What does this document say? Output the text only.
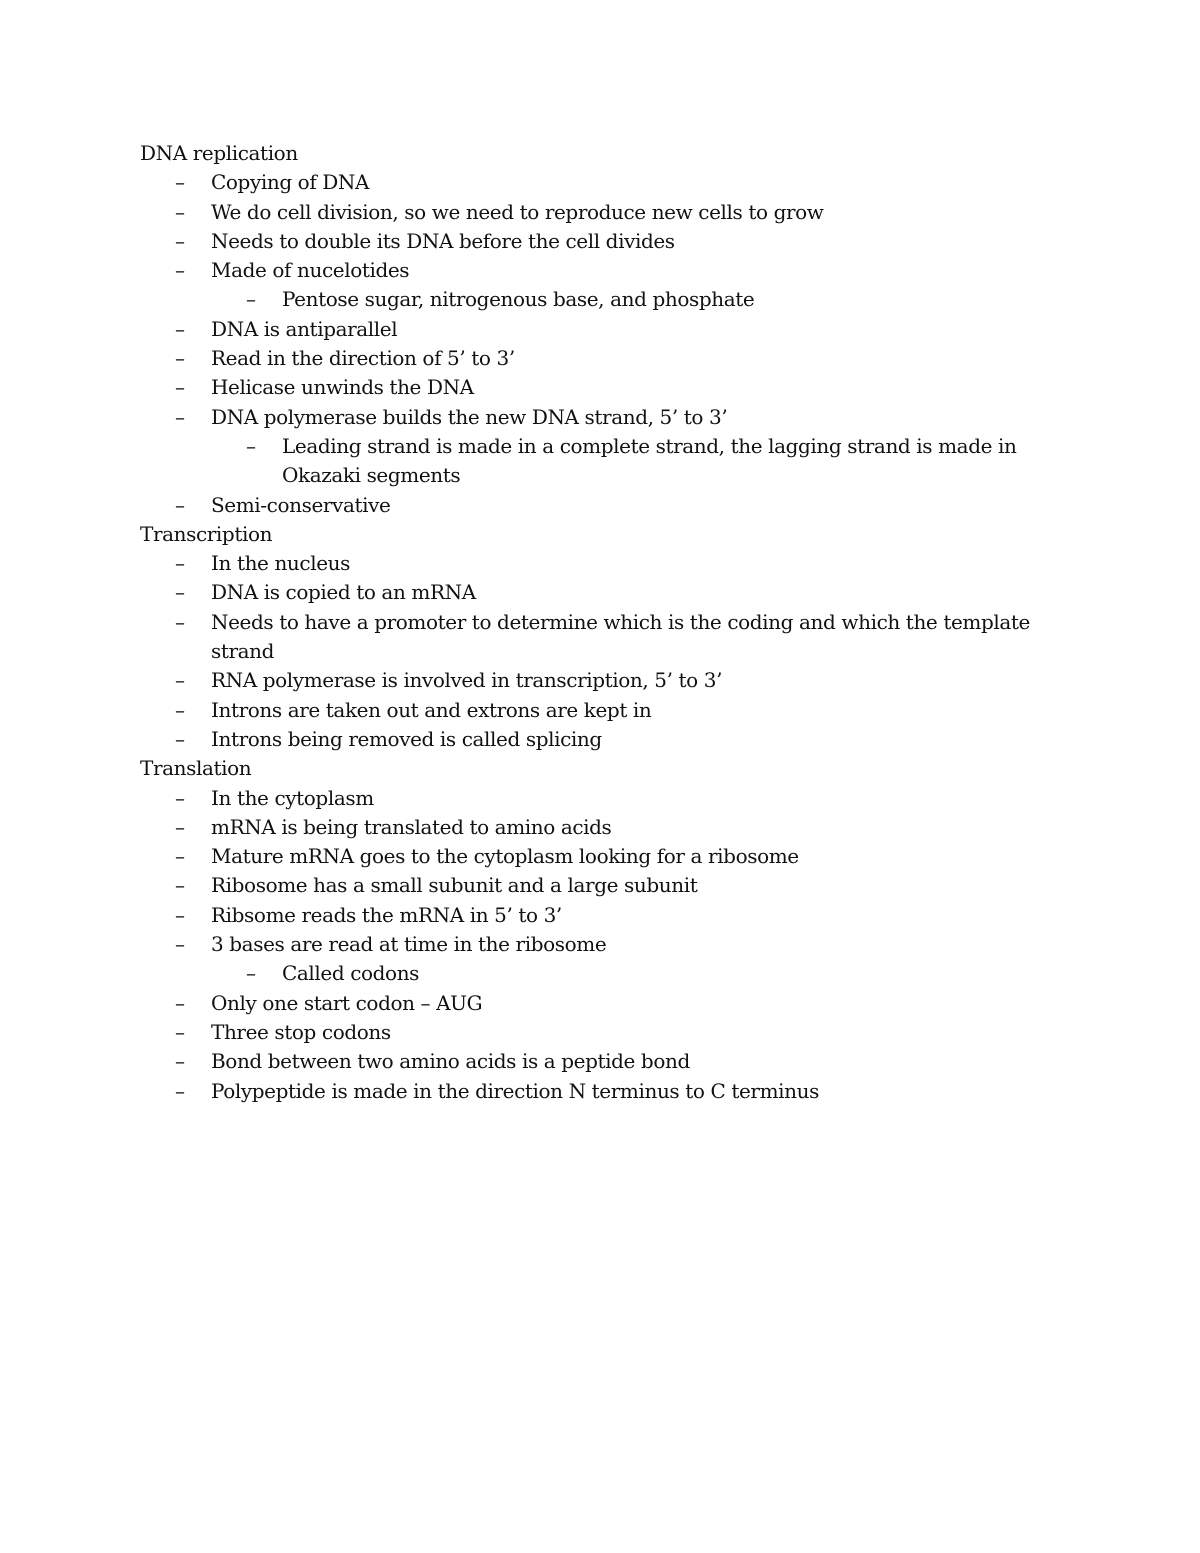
DNA replication
– Copying of DNA
– We do cell division, so we need to reproduce new cells to grow
– Needs to double its DNA before the cell divides
– Made of nucelotides
– Pentose sugar, nitrogenous base, and phosphate
– DNA is antiparallel
– Read in the direction of 5’ to 3’
– Helicase unwinds the DNA
– DNA polymerase builds the new DNA strand, 5’ to 3’
– Leading strand is made in a complete strand, the lagging strand is made in Okazaki segments
– Semi-conservative
Transcription
– In the nucleus
– DNA is copied to an mRNA
– Needs to have a promoter to determine which is the coding and which the template strand
– RNA polymerase is involved in transcription, 5’ to 3’
– Introns are taken out and extrons are kept in
– Introns being removed is called splicing
Translation
– In the cytoplasm
– mRNA is being translated to amino acids
– Mature mRNA goes to the cytoplasm looking for a ribosome
– Ribosome has a small subunit and a large subunit
– Ribsome reads the mRNA in 5’ to 3’
– 3 bases are read at time in the ribosome
– Called codons
– Only one start codon – AUG
– Three stop codons
– Bond between two amino acids is a peptide bond
– Polypeptide is made in the direction N terminus to C terminus
